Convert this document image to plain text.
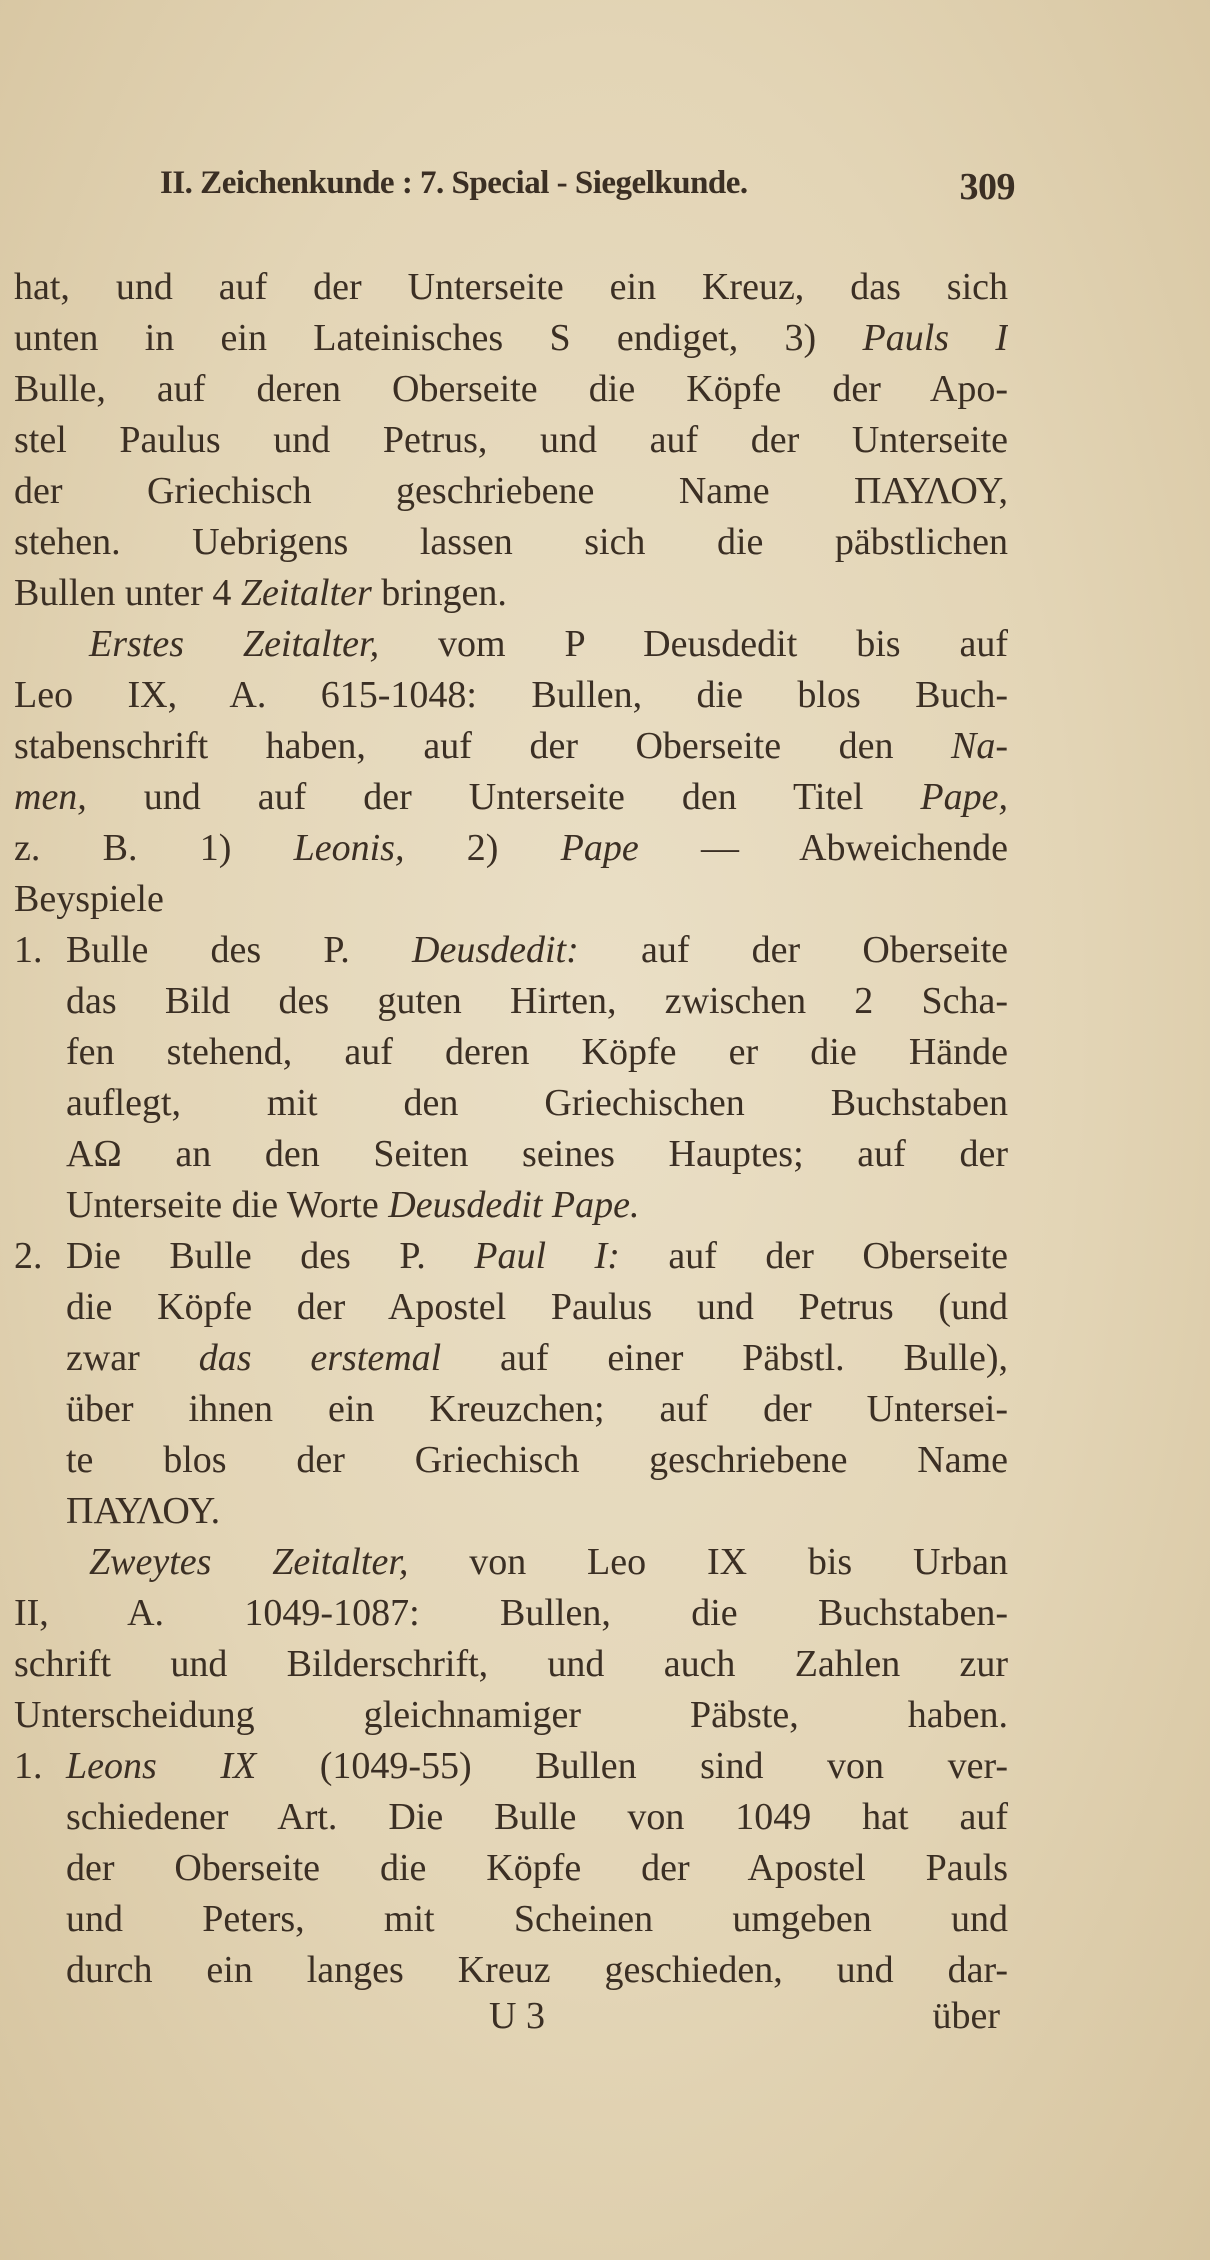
II. Zeichenkunde : 7. Special - Siegelkunde.	309
hat, und auf der Unterseite ein Kreuz, das sich
unten in ein Lateinisches S endiget, 3) Pauls I
Bulle, auf deren Oberseite die Köpfe der Apo-
stel Paulus und Petrus, und auf der Unterseite
der Griechisch geschriebene Name ΠΑΥΛΟΥ,
stehen. Uebrigens lassen sich die päbstlichen
Bullen unter 4 Zeitalter bringen.
Erstes Zeitalter, vom P Deusdedit bis auf
Leo IX, A. 615-1048: Bullen, die blos Buch-
stabenschrift haben, auf der Oberseite den Na-
men, und auf der Unterseite den Titel Pape,
z. B. 1) Leonis, 2) Pape — Abweichende
Beyspiele
1. Bulle des P. Deusdedit: auf der Oberseite
das Bild des guten Hirten, zwischen 2 Scha-
fen stehend, auf deren Köpfe er die Hände
auflegt, mit den Griechischen Buchstaben
ΑΩ an den Seiten seines Hauptes; auf der
Unterseite die Worte Deusdedit Pape.
2. Die Bulle des P. Paul I: auf der Oberseite
die Köpfe der Apostel Paulus und Petrus (und
zwar das erstemal auf einer Päbstl. Bulle),
über ihnen ein Kreuzchen; auf der Untersei-
te blos der Griechisch geschriebene Name
ΠΑΥΛΟΥ.
Zweytes Zeitalter, von Leo IX bis Urban
II, A. 1049-1087: Bullen, die Buchstaben-
schrift und Bilderschrift, und auch Zahlen zur
Unterscheidung gleichnamiger Päbste, haben.
1. Leons IX (1049-55) Bullen sind von ver-
schiedener Art. Die Bulle von 1049 hat auf
der Oberseite die Köpfe der Apostel Pauls
und Peters, mit Scheinen umgeben und
durch ein langes Kreuz geschieden, und dar-
U 3	über
